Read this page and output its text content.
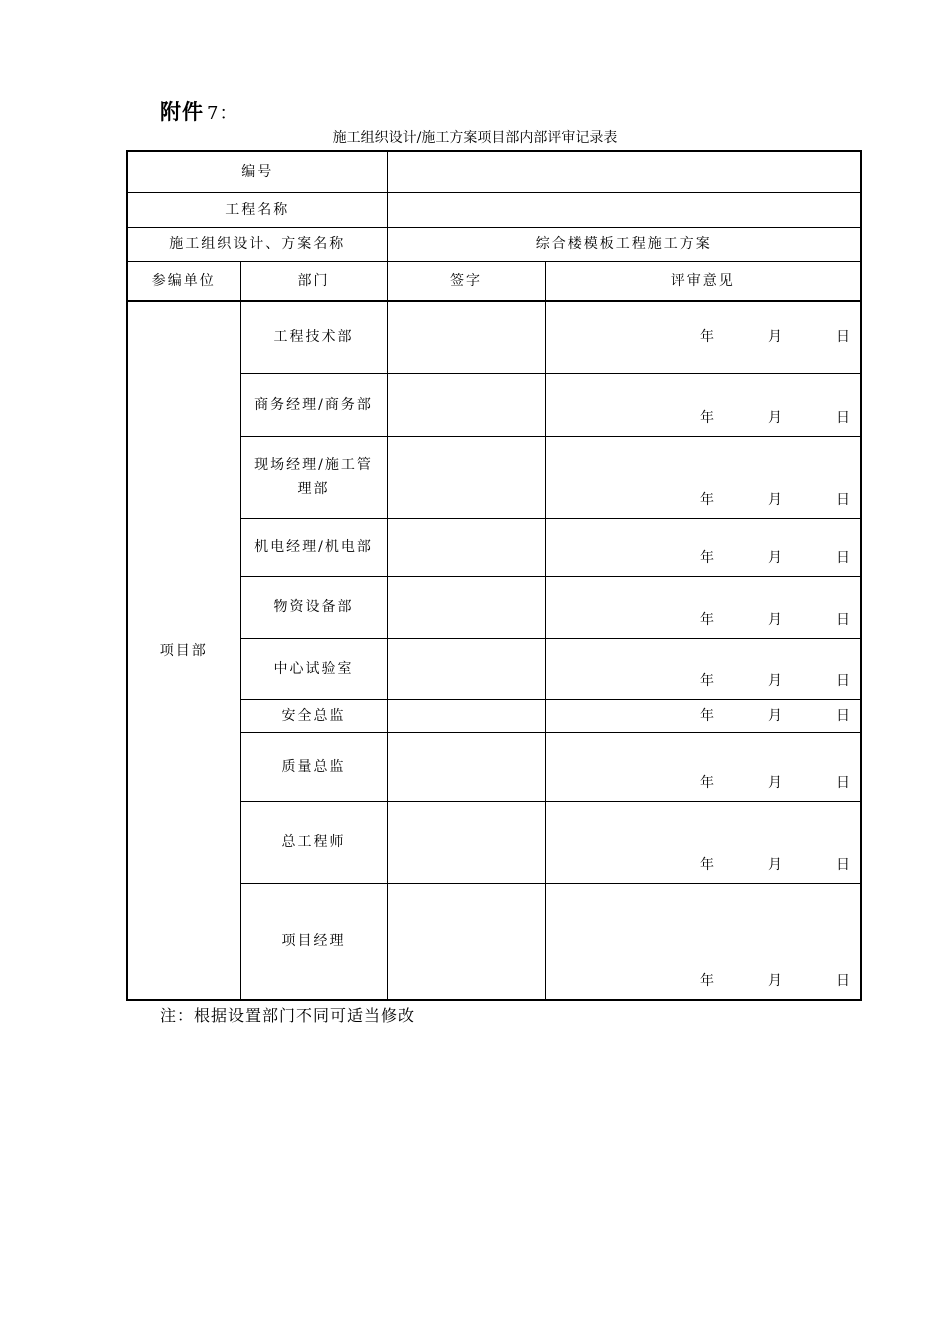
附件 7：
施工组织设计/施工方案项目部内部评审记录表
编号			
工程名称			
施工组织设计、方案名称		综合楼模板工程施工方案	
参编单位	部门	签字	评审意见
项目部	工程技术部		年 月 日

	商务经理/商务部		年 月 日

	现场经理/施工管理部		年 月 日

	机电经理/机电部		年 月 日

	物资设备部		年 月 日

	中心试验室		年 月 日

	安全总监		年 月 日

	质量总监		年 月 日

	总工程师		年 月 日

	项目经理		年 月 日
注：根据设置部门不同可适当修改
